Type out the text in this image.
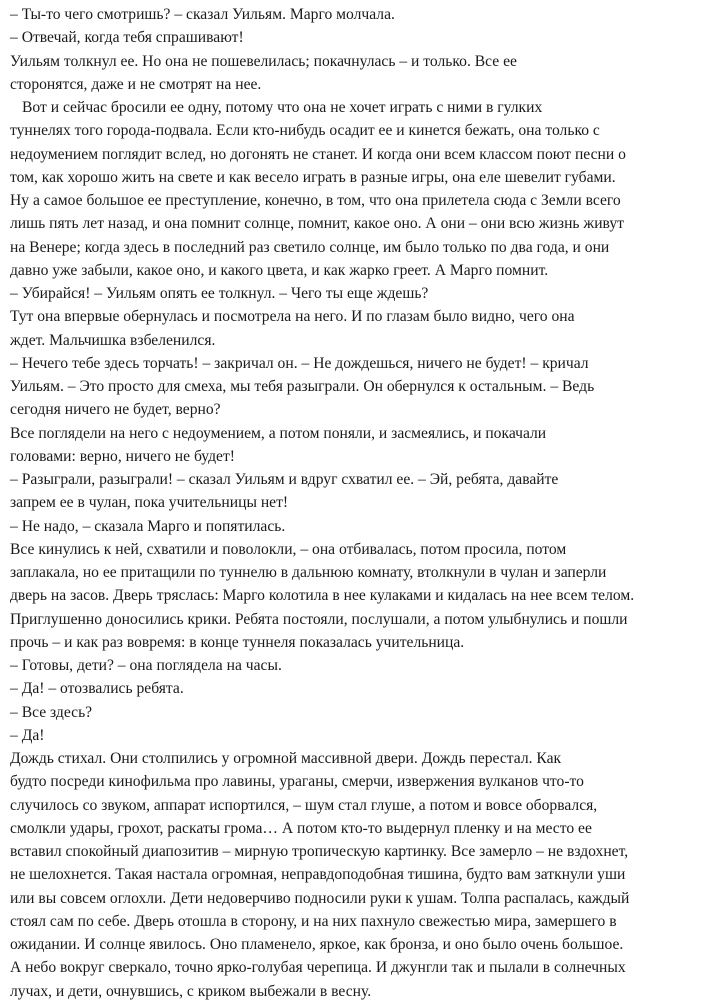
– Ты-то чего смотришь? – сказал Уильям. Марго молчала.
– Отвечай, когда тебя спрашивают!
Уильям толкнул ее. Но она не пошевелилась; покачнулась – и только. Все ее
сторонятся, даже и не смотрят на нее.
Вот и сейчас бросили ее одну, потому что она не хочет играть с ними в гулких
туннелях того города-подвала. Если кто-нибудь осадит ее и кинется бежать, она только с
недоумением поглядит вслед, но догонять не станет. И когда они всем классом поют песни о
том, как хорошо жить на свете и как весело играть в разные игры, она еле шевелит губами.
Ну а самое большое ее преступление, конечно, в том, что она прилетела сюда с Земли всего
лишь пять лет назад, и она помнит солнце, помнит, какое оно. А они – они всю жизнь живут
на Венере; когда здесь в последний раз светило солнце, им было только по два года, и они
давно уже забыли, какое оно, и какого цвета, и как жарко греет. А Марго помнит.
– Убирайся! – Уильям опять ее толкнул. – Чего ты еще ждешь?
Тут она впервые обернулась и посмотрела на него. И по глазам было видно, чего она
ждет. Мальчишка взбеленился.
– Нечего тебе здесь торчать! – закричал он. – Не дождешься, ничего не будет! – кричал
Уильям. – Это просто для смеха, мы тебя разыграли. Он обернулся к остальным. – Ведь
сегодня ничего не будет, верно?
Все поглядели на него с недоумением, а потом поняли, и засмеялись, и покачали
головами: верно, ничего не будет!
– Разыграли, разыграли! – сказал Уильям и вдруг схватил ее. – Эй, ребята, давайте
запрем ее в чулан, пока учительницы нет!
– Не надо, – сказала Марго и попятилась.
Все кинулись к ней, схватили и поволокли, – она отбивалась, потом просила, потом
заплакала, но ее притащили по туннелю в дальнюю комнату, втолкнули в чулан и заперли
дверь на засов. Дверь тряслась: Марго колотила в нее кулаками и кидалась на нее всем телом.
Приглушенно доносились крики. Ребята постояли, послушали, а потом улыбнулись и пошли
прочь – и как раз вовремя: в конце туннеля показалась учительница.
– Готовы, дети? – она поглядела на часы.
– Да! – отозвались ребята.
– Все здесь?
– Да!
Дождь стихал. Они столпились у огромной массивной двери. Дождь перестал. Как
будто посреди кинофильма про лавины, ураганы, смерчи, извержения вулканов что-то
случилось со звуком, аппарат испортился, – шум стал глуше, а потом и вовсе оборвался,
смолкли удары, грохот, раскаты грома… А потом кто-то выдернул пленку и на место ее
вставил спокойный диапозитив – мирную тропическую картинку. Все замерло – не вздохнет,
не шелохнется. Такая настала огромная, неправдоподобная тишина, будто вам заткнули уши
или вы совсем оглохли. Дети недоверчиво подносили руки к ушам. Толпа распалась, каждый
стоял сам по себе. Дверь отошла в сторону, и на них пахнуло свежестью мира, замершего в
ожидании. И солнце явилось. Оно пламенело, яркое, как бронза, и оно было очень большое.
А небо вокруг сверкало, точно ярко-голубая черепица. И джунгли так и пылали в солнечных
лучах, и дети, очнувшись, с криком выбежали в весну.
